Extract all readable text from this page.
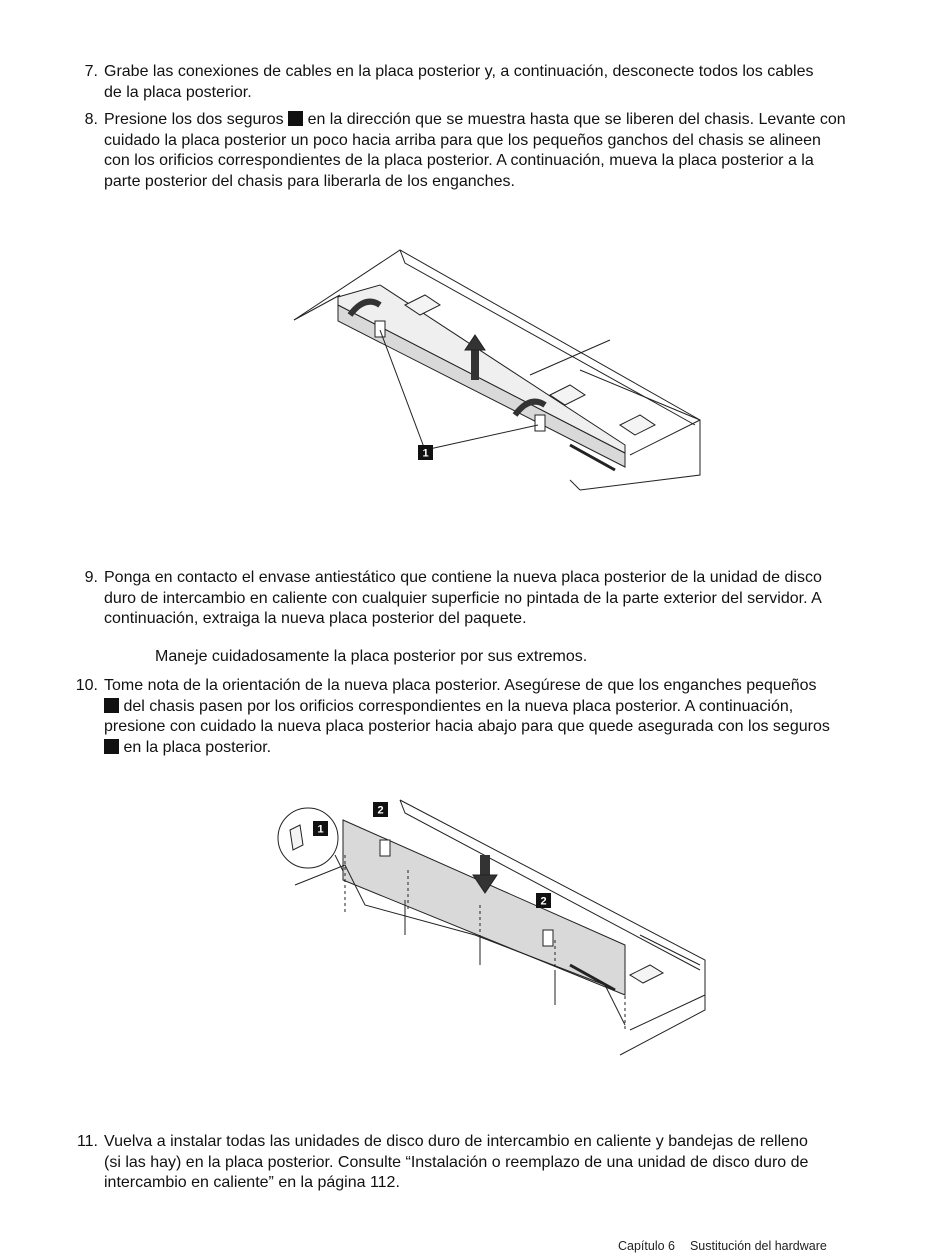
7. Grabe las conexiones de cables en la placa posterior y, a continuación, desconecte todos los cables
de la placa posterior.
8. Presione los dos seguros en la dirección que se muestra hasta que se liberen del chasis. Levante con
cuidado la placa posterior un poco hacia arriba para que los pequeños ganchos del chasis se alineen
con los orificios correspondientes de la placa posterior. A continuación, mueva la placa posterior a la
parte posterior del chasis para liberarla de los enganches.
1
9. Ponga en contacto el envase antiestático que contiene la nueva placa posterior de la unidad de disco
duro de intercambio en caliente con cualquier superficie no pintada de la parte exterior del servidor. A
continuación, extraiga la nueva placa posterior del paquete.
Maneje cuidadosamente la placa posterior por sus extremos.
10. Tome nota de la orientación de la nueva placa posterior. Asegúrese de que los enganches pequeños
del chasis pasen por los orificios correspondientes en la nueva placa posterior. A continuación,
presione con cuidado la nueva placa posterior hacia abajo para que quede asegurada con los seguros
en la placa posterior.
2
1
2
11. Vuelva a instalar todas las unidades de disco duro de intercambio en caliente y bandejas de relleno
(si las hay) en la placa posterior. Consulte “Instalación o reemplazo de una unidad de disco duro de
intercambio en caliente” en la página 112.
Capítulo 6 Sustitución del hardware
